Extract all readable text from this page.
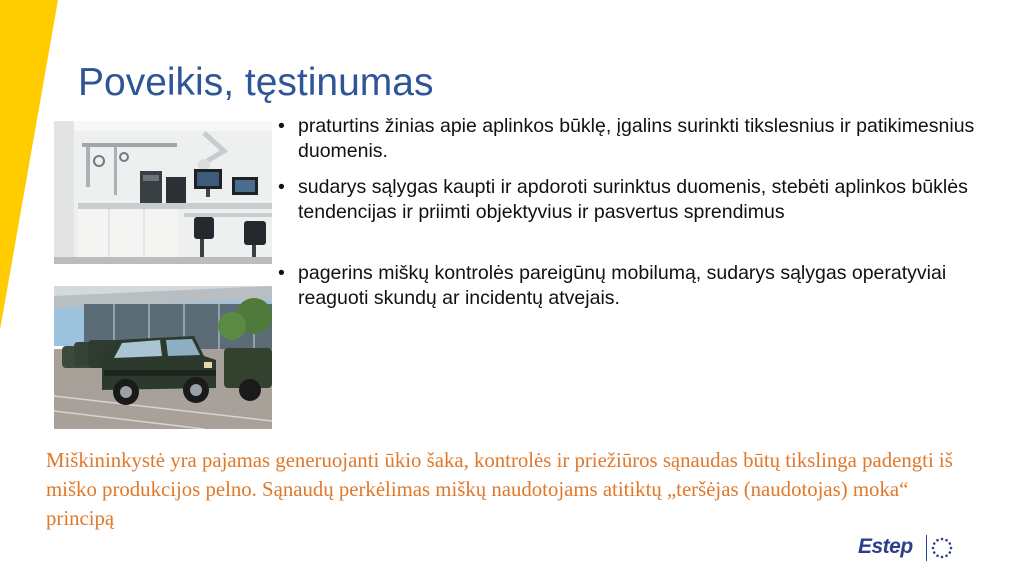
Poveikis, tęstinumas
• praturtins žinias apie aplinkos būklę, įgalins surinkti tikslesnius ir patikimesnius duomenis.
• sudarys sąlygas kaupti ir apdoroti surinktus duomenis, stebėti aplinkos būklės tendencijas ir priimti objektyvius ir pasvertus sprendimus
• pagerins miškų kontrolės pareigūnų mobilumą, sudarys sąlygas operatyviai reaguoti skundų ar incidentų atvejais.

Miškininkystė yra pajamas generuojanti ūkio šaka, kontrolės ir priežiūros sąnaudas būtų tikslinga padengti iš miško produkcijos pelno. Sąnaudų perkėlimas miškų naudotojams atitiktų „teršėjas (naudotojas) moka“ principą

Estep
